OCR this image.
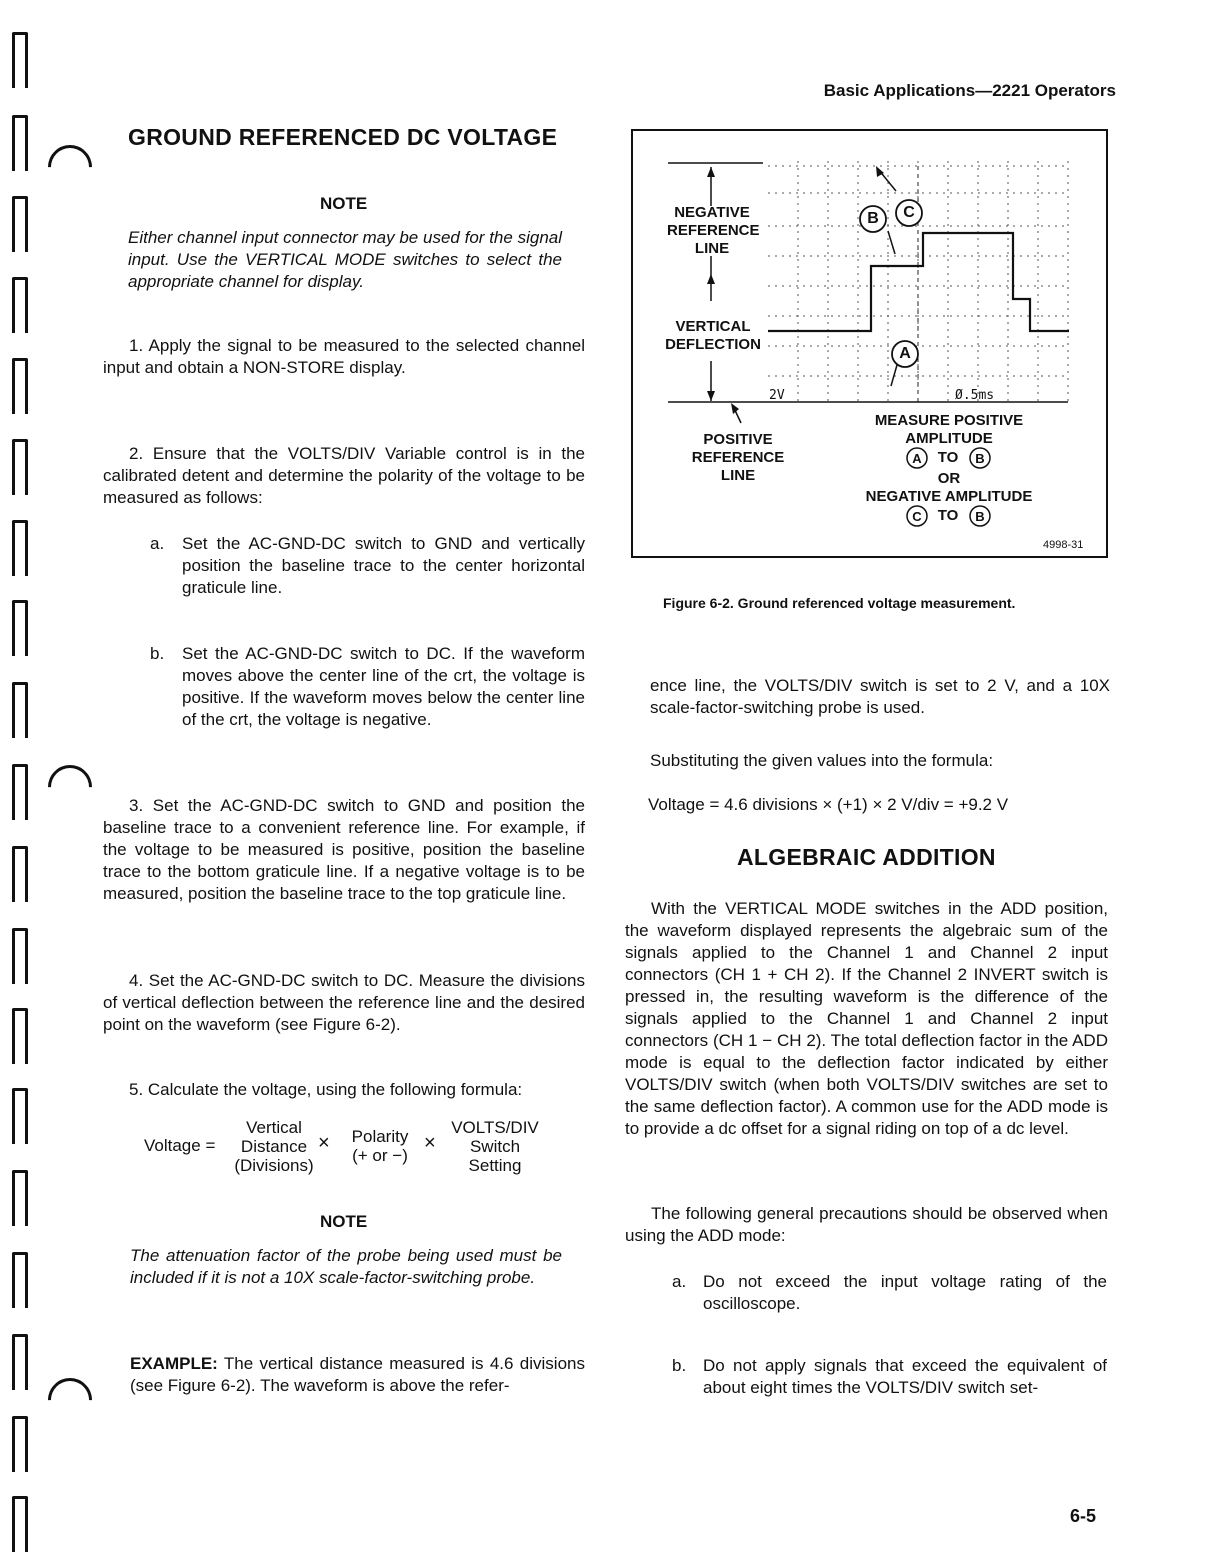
Basic Applications—2221 Operators
GROUND REFERENCED DC VOLTAGE
NOTE

Either channel input connector may be used for the signal input. Use the VERTICAL MODE switches to select the appropriate channel for display.

1. Apply the signal to be measured to the selected channel input and obtain a NON-STORE display.

2. Ensure that the VOLTS/DIV Variable control is in the calibrated detent and determine the polarity of the voltage to be measured as follows:

a. Set the AC-GND-DC switch to GND and vertically position the baseline trace to the center horizontal graticule line.

b. Set the AC-GND-DC switch to DC. If the waveform moves above the center line of the crt, the voltage is positive. If the waveform moves below the center line of the crt, the voltage is negative.

3. Set the AC-GND-DC switch to GND and position the baseline trace to a convenient reference line. For example, if the voltage to be measured is positive, position the baseline trace to the bottom graticule line. If a negative voltage is to be measured, position the baseline trace to the top graticule line.

4. Set the AC-GND-DC switch to DC. Measure the divisions of vertical deflection between the reference line and the desired point on the waveform (see Figure 6-2).

5. Calculate the voltage, using the following formula:

Voltage =
Vertical
Distance
(Divisions)
×	Polarity
(+ or −)
×
VOLTS/DIV
Switch
Setting
NOTE

The attenuation factor of the probe being used must be included if it is not a 10X scale-factor-switching probe.

EXAMPLE: The vertical distance measured is 4.6 divisions (see Figure 6-2). The waveform is above the refer-

NEGATIVE
REFERENCE
LINE
VERTICAL
DEFLECTION
POSITIVE
REFERENCE LINE
B C
A
2V	Ø.5ms
MEASURE POSITIVE
AMPLITUDE
A	TO	B
OR
NEGATIVE AMPLITUDE
C	TO	B
4998-31
Figure 6-2. Ground referenced voltage measurement.

ence line, the VOLTS/DIV switch is set to 2 V, and a 10X scale-factor-switching probe is used.

Substituting the given values into the formula:

Voltage = 4.6 divisions × (+1) × 2 V/div = +9.2 V

ALGEBRAIC ADDITION

With the VERTICAL MODE switches in the ADD position, the waveform displayed represents the algebraic sum of the signals applied to the Channel 1 and Channel 2 input connectors (CH 1 + CH 2). If the Channel 2 INVERT switch is pressed in, the resulting waveform is the difference of the signals applied to the Channel 1 and Channel 2 input connectors (CH 1 − CH 2). The total deflection factor in the ADD mode is equal to the deflection factor indicated by either VOLTS/DIV switch (when both VOLTS/DIV switches are set to the same deflection factor). A common use for the ADD mode is to provide a dc offset for a signal riding on top of a dc level.

The following general precautions should be observed when using the ADD mode:

a. Do not exceed the input voltage rating of the oscilloscope.

b. Do not apply signals that exceed the equivalent of about eight times the VOLTS/DIV switch set-

6-5
